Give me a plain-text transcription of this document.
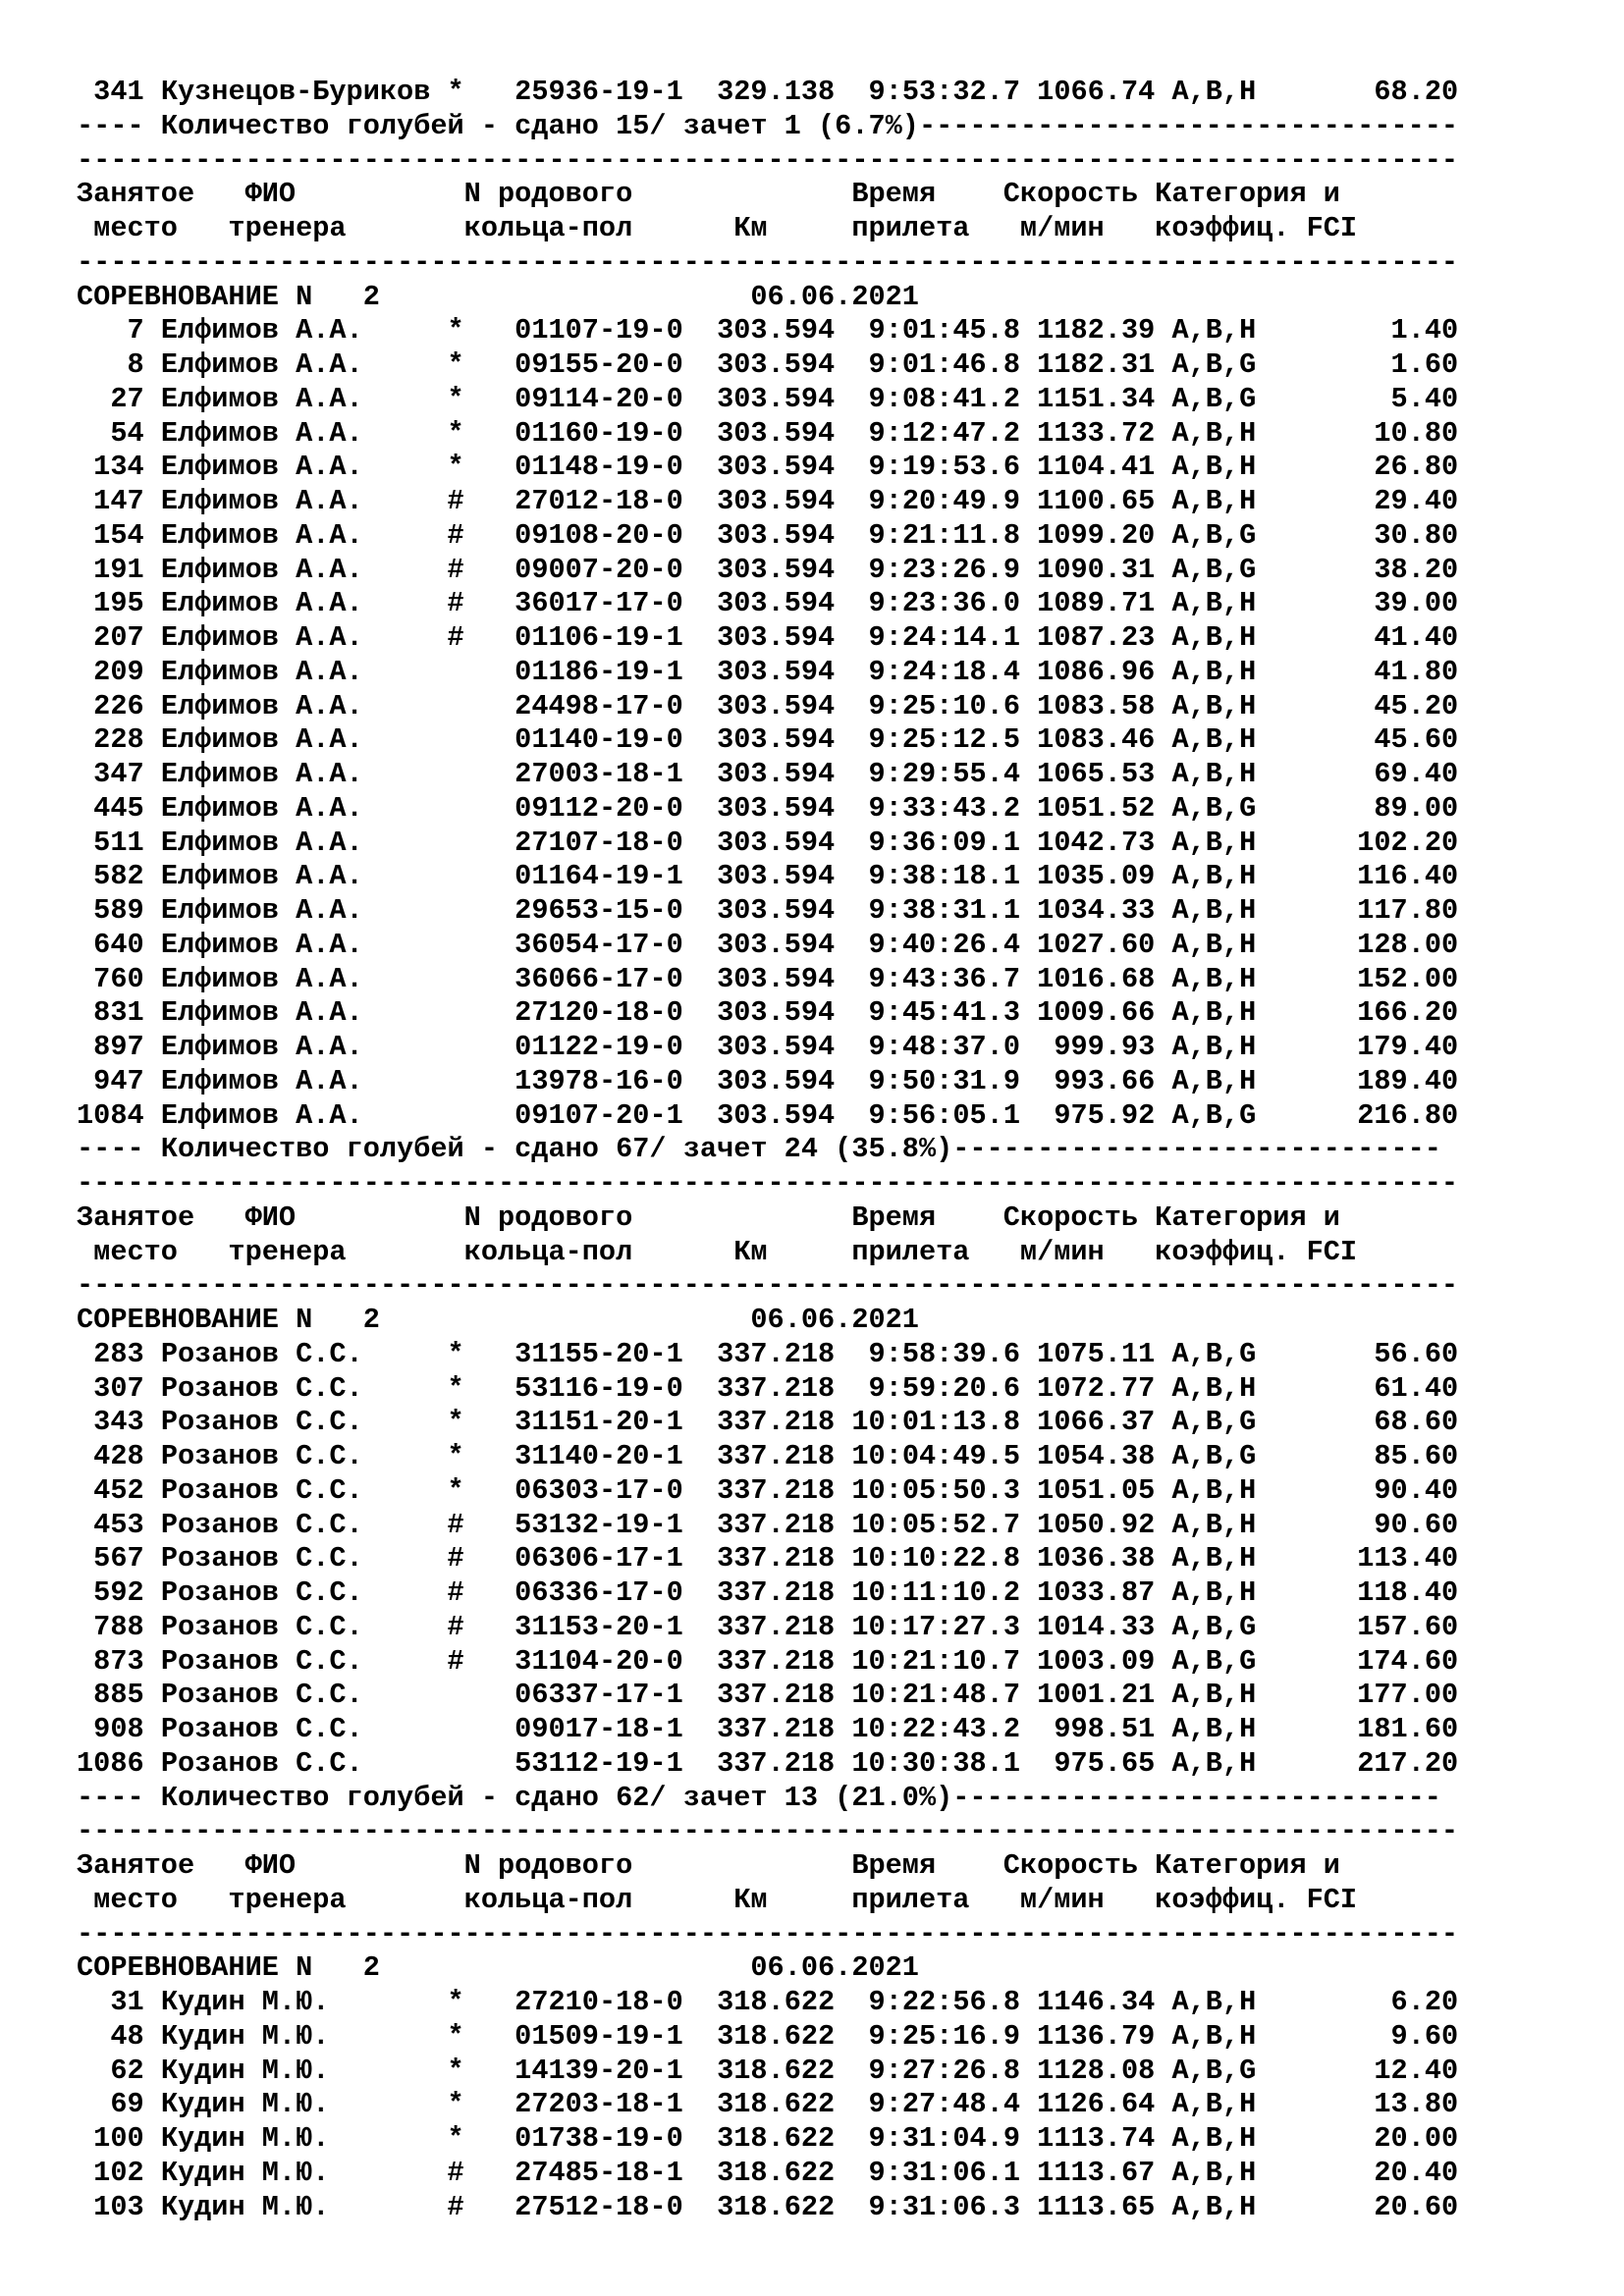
341 Кузнецов-Буриков *   25936-19-1  329.138  9:53:32.7 1066.74 А,В,Н       68.20
---- Количество голубей - сдано 15/ зачет 1 (6.7%)--------------------------------
----------------------------------------------------------------------------------
Занятое   ФИО          N родового             Время    Скорость Категория и
место   тренера       кольца-пол      Км     прилета   м/мин   коэффиц. FCI
----------------------------------------------------------------------------------
СОРЕВНОВАНИЕ N   2	06.06.2021
7 Елфимов А.А.     *   01107-19-0  303.594  9:01:45.8 1182.39 А,В,Н        1.40
8 Елфимов А.А.     *   09155-20-0  303.594  9:01:46.8 1182.31 А,В,G        1.60
27 Елфимов А.А.     *   09114-20-0  303.594  9:08:41.2 1151.34 А,В,G        5.40
54 Елфимов А.А.     *   01160-19-0  303.594  9:12:47.2 1133.72 А,В,Н       10.80
134 Елфимов А.А.     *   01148-19-0  303.594  9:19:53.6 1104.41 А,В,Н       26.80
147 Елфимов А.А.     #   27012-18-0  303.594  9:20:49.9 1100.65 А,В,Н       29.40
154 Елфимов А.А.     #   09108-20-0  303.594  9:21:11.8 1099.20 А,В,G       30.80
191 Елфимов А.А.     #   09007-20-0  303.594  9:23:26.9 1090.31 А,В,G       38.20
195 Елфимов А.А.     #   36017-17-0  303.594  9:23:36.0 1089.71 А,В,Н       39.00
207 Елфимов А.А.     #   01106-19-1  303.594  9:24:14.1 1087.23 А,В,Н       41.40
209 Елфимов А.А.         01186-19-1  303.594  9:24:18.4 1086.96 А,В,Н       41.80
226 Елфимов А.А.         24498-17-0  303.594  9:25:10.6 1083.58 А,В,Н       45.20
228 Елфимов А.А.         01140-19-0  303.594  9:25:12.5 1083.46 А,В,Н       45.60
347 Елфимов А.А.         27003-18-1  303.594  9:29:55.4 1065.53 А,В,Н       69.40
445 Елфимов А.А.         09112-20-0  303.594  9:33:43.2 1051.52 А,В,G       89.00
511 Елфимов А.А.         27107-18-0  303.594  9:36:09.1 1042.73 А,В,Н      102.20
582 Елфимов А.А.         01164-19-1  303.594  9:38:18.1 1035.09 А,В,Н      116.40
589 Елфимов А.А.         29653-15-0  303.594  9:38:31.1 1034.33 А,В,Н      117.80
640 Елфимов А.А.         36054-17-0  303.594  9:40:26.4 1027.60 А,В,Н      128.00
760 Елфимов А.А.         36066-17-0  303.594  9:43:36.7 1016.68 А,В,Н      152.00
831 Елфимов А.А.         27120-18-0  303.594  9:45:41.3 1009.66 А,В,Н      166.20
897 Елфимов А.А.         01122-19-0  303.594  9:48:37.0  999.93 А,В,Н      179.40
947 Елфимов А.А.         13978-16-0  303.594  9:50:31.9  993.66 А,В,Н      189.40
1084 Елфимов А.А.         09107-20-1  303.594  9:56:05.1  975.92 А,В,G      216.80
---- Количество голубей - сдано 67/ зачет 24 (35.8%)-----------------------------
----------------------------------------------------------------------------------
Занятое   ФИО          N родового             Время    Скорость Категория и
место   тренера       кольца-пол      Км     прилета   м/мин   коэффиц. FCI
----------------------------------------------------------------------------------
СОРЕВНОВАНИЕ N   2	06.06.2021
283 Розанов С.С.     *   31155-20-1  337.218  9:58:39.6 1075.11 А,В,G       56.60
307 Розанов С.С.     *   53116-19-0  337.218  9:59:20.6 1072.77 А,В,Н       61.40
343 Розанов С.С.     *   31151-20-1  337.218 10:01:13.8 1066.37 А,В,G       68.60
428 Розанов С.С.     *   31140-20-1  337.218 10:04:49.5 1054.38 А,В,G       85.60
452 Розанов С.С.     *   06303-17-0  337.218 10:05:50.3 1051.05 А,В,Н       90.40
453 Розанов С.С.     #   53132-19-1  337.218 10:05:52.7 1050.92 А,В,Н       90.60
567 Розанов С.С.     #   06306-17-1  337.218 10:10:22.8 1036.38 А,В,Н      113.40
592 Розанов С.С.     #   06336-17-0  337.218 10:11:10.2 1033.87 А,В,Н      118.40
788 Розанов С.С.     #   31153-20-1  337.218 10:17:27.3 1014.33 А,В,G      157.60
873 Розанов С.С.     #   31104-20-0  337.218 10:21:10.7 1003.09 А,В,G      174.60
885 Розанов С.С.         06337-17-1  337.218 10:21:48.7 1001.21 А,В,Н      177.00
908 Розанов С.С.         09017-18-1  337.218 10:22:43.2  998.51 А,В,Н      181.60
1086 Розанов С.С.         53112-19-1  337.218 10:30:38.1  975.65 А,В,Н      217.20
---- Количество голубей - сдано 62/ зачет 13 (21.0%)-----------------------------
----------------------------------------------------------------------------------
Занятое   ФИО          N родового             Время    Скорость Категория и
место   тренера       кольца-пол      Км     прилета   м/мин   коэффиц. FCI
----------------------------------------------------------------------------------
СОРЕВНОВАНИЕ N   2	06.06.2021
31 Кудин М.Ю.       *   27210-18-0  318.622  9:22:56.8 1146.34 А,В,Н        6.20
48 Кудин М.Ю.       *   01509-19-1  318.622  9:25:16.9 1136.79 А,В,Н        9.60
62 Кудин М.Ю.       *   14139-20-1  318.622  9:27:26.8 1128.08 А,В,G       12.40
69 Кудин М.Ю.       *   27203-18-1  318.622  9:27:48.4 1126.64 А,В,Н       13.80
100 Кудин М.Ю.       *   01738-19-0  318.622  9:31:04.9 1113.74 А,В,Н       20.00
102 Кудин М.Ю.       #   27485-18-1  318.622  9:31:06.1 1113.67 А,В,Н       20.40
103 Кудин М.Ю.       #   27512-18-0  318.622  9:31:06.3 1113.65 А,В,Н       20.60
